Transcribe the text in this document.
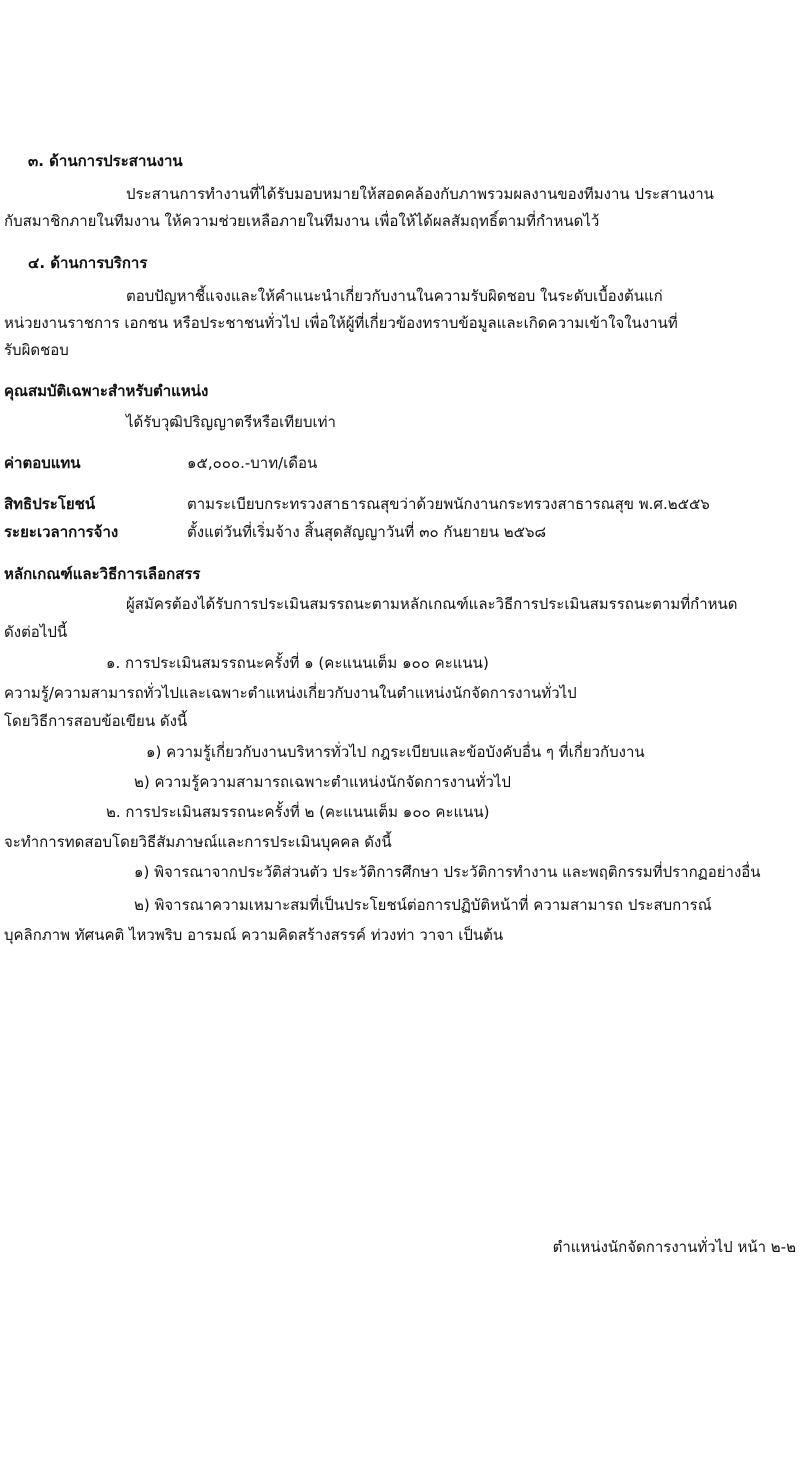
๓. ด้านการประสานงาน
ประสานการทำงานที่ได้รับมอบหมายให้สอดคล้องกับภาพรวมผลงานของทีมงาน ประสานงาน
กับสมาชิกภายในทีมงาน ให้ความช่วยเหลือภายในทีมงาน เพื่อให้ได้ผลสัมฤทธิ์ตามที่กำหนดไว้
๔. ด้านการบริการ
ตอบปัญหาชี้แจงและให้คำแนะนำเกี่ยวกับงานในความรับผิดชอบ ในระดับเบื้องต้นแก่
หน่วยงานราชการ เอกชน หรือประชาชนทั่วไป เพื่อให้ผู้ที่เกี่ยวข้องทราบข้อมูลและเกิดความเข้าใจในงานที่
รับผิดชอบ
คุณสมบัติเฉพาะสำหรับตำแหน่ง
ได้รับวุฒิปริญญาตรีหรือเทียบเท่า
ค่าตอบแทน	๑๕,๐๐๐.-บาท/เดือน
สิทธิประโยชน์	ตามระเบียบกระทรวงสาธารณสุขว่าด้วยพนักงานกระทรวงสาธารณสุข พ.ศ.๒๕๕๖
ระยะเวลาการจ้าง	ตั้งแต่วันที่เริ่มจ้าง สิ้นสุดสัญญาวันที่ ๓๐ กันยายน ๒๕๖๘
หลักเกณฑ์และวิธีการเลือกสรร
ผู้สมัครต้องได้รับการประเมินสมรรถนะตามหลักเกณฑ์และวิธีการประเมินสมรรถนะตามที่กำหนด
ดังต่อไปนี้
๑. การประเมินสมรรถนะครั้งที่ ๑ (คะแนนเต็ม ๑๐๐ คะแนน)
ความรู้/ความสามารถทั่วไปและเฉพาะตำแหน่งเกี่ยวกับงานในตำแหน่งนักจัดการงานทั่วไป
โดยวิธีการสอบข้อเขียน ดังนี้
๑) ความรู้เกี่ยวกับงานบริหารทั่วไป กฎระเบียบและข้อบังคับอื่น ๆ ที่เกี่ยวกับงาน
๒) ความรู้ความสามารถเฉพาะตำแหน่งนักจัดการงานทั่วไป
๒. การประเมินสมรรถนะครั้งที่ ๒ (คะแนนเต็ม ๑๐๐ คะแนน)
จะทำการทดสอบโดยวิธีสัมภาษณ์และการประเมินบุคคล ดังนี้
๑) พิจารณาจากประวัติส่วนตัว ประวัติการศึกษา ประวัติการทำงาน และพฤติกรรมที่ปรากฏอย่างอื่น
๒) พิจารณาความเหมาะสมที่เป็นประโยชน์ต่อการปฏิบัติหน้าที่ ความสามารถ ประสบการณ์
บุคลิกภาพ ทัศนคติ ไหวพริบ อารมณ์ ความคิดสร้างสรรค์ ท่วงท่า วาจา เป็นต้น
ตำแหน่งนักจัดการงานทั่วไป หน้า ๒-๒
